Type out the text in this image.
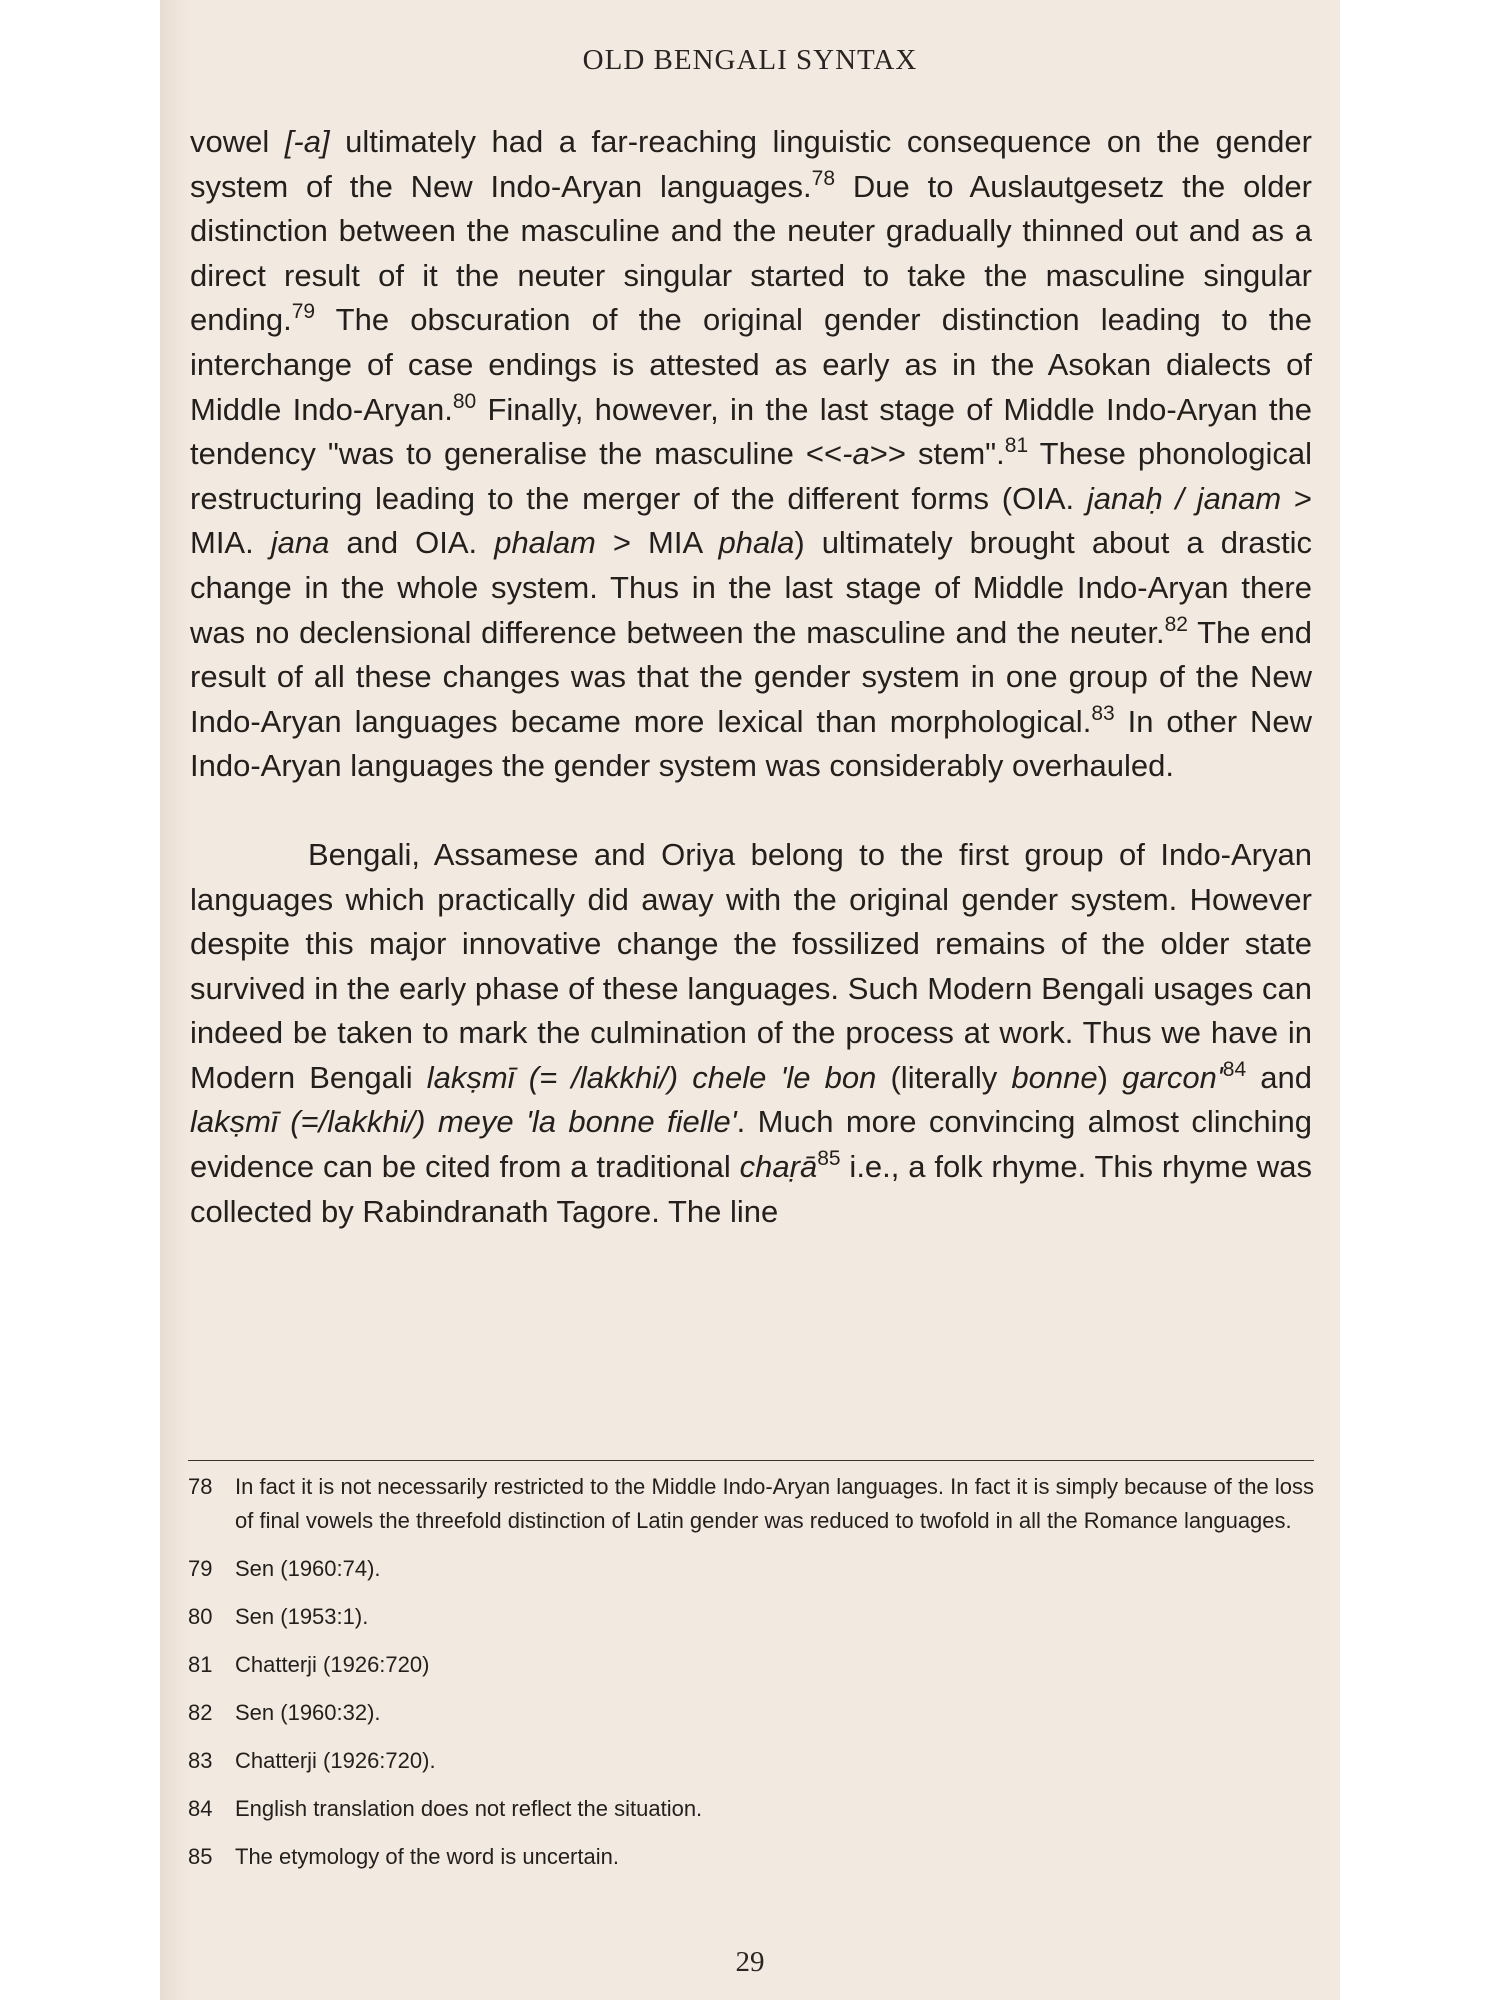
OLD BENGALI SYNTAX

vowel [-a] ultimately had a far-reaching linguistic consequence on the gender system of the New Indo-Aryan languages.$^{78}$ Due to Auslautgesetz the older distinction between the masculine and the neuter gradually thinned out and as a direct result of it the neuter singular started to take the masculine singular ending.$^{79}$ The obscuration of the original gender distinction leading to the interchange of case endings is attested as early as in the Asokan dialects of Middle Indo-Aryan.$^{80}$ Finally, however, in the last stage of Middle Indo-Aryan the tendency "was to generalise the masculine <<-a>> stem".$^{81}$ These phonological restructuring leading to the merger of the different forms (OIA. janaḥ / janam > MIA. jana and OIA. phalam > MIA phala) ultimately brought about a drastic change in the whole system. Thus in the last stage of Middle Indo-Aryan there was no declensional difference between the masculine and the neuter.$^{82}$ The end result of all these changes was that the gender system in one group of the New Indo-Aryan languages became more lexical than morphological.$^{83}$ In other New Indo-Aryan languages the gender system was considerably overhauled.

Bengali, Assamese and Oriya belong to the first group of Indo-Aryan languages which practically did away with the original gender system. However despite this major innovative change the fossilized remains of the older state survived in the early phase of these languages. Such Modern Bengali usages can indeed be taken to mark the culmination of the process at work. Thus we have in Modern Bengali lakṣmī (= /lakkhi/) chele 'le bon (literally bonne) $garcon'^{84}$ and lakṣmī (=/lakkhi/) meye 'la bonne fielle'. Much more convincing almost clinching evidence can be cited from a traditional chaṛā$^{85}$ i.e., a folk rhyme. This rhyme was collected by Rabindranath Tagore. The line

78	In fact it is not necessarily restricted to the Middle Indo-Aryan languages. In fact it is simply because of the loss of final vowels the threefold distinction of Latin gender was reduced to twofold in all the Romance languages.
79	Sen (1960:74).
80	Sen (1953:1).
81	Chatterji (1926:720)
82	Sen (1960:32).
83	Chatterji (1926:720).
84	English translation does not reflect the situation.
85	The etymology of the word is uncertain.
29
